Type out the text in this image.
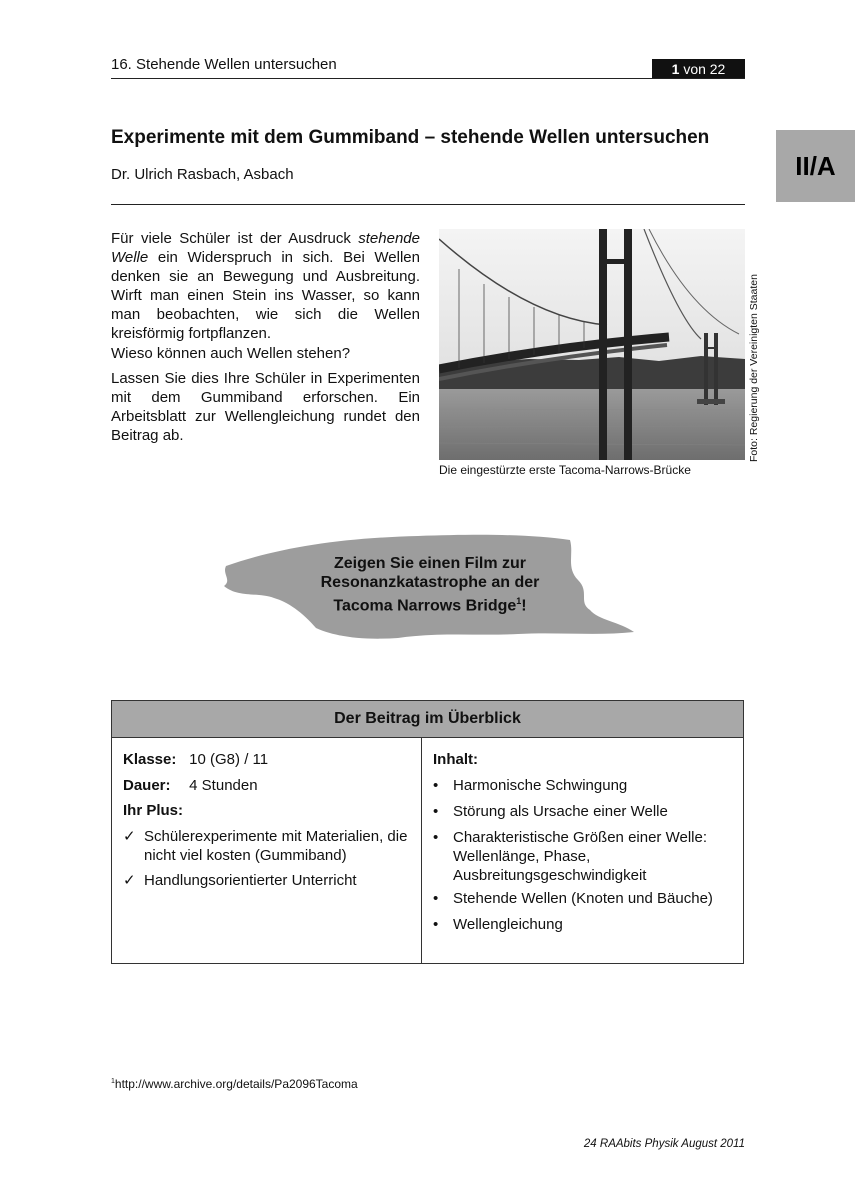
16. Stehende Wellen untersuchen	1 von 22
II/A
Experimente mit dem Gummiband – stehende Wellen untersuchen
Dr. Ulrich Rasbach, Asbach

Für viele Schüler ist der Ausdruck stehende Welle ein Widerspruch in sich. Bei Wellen denken sie an Bewegung und Ausbreitung. Wirft man einen Stein ins Wasser, so kann man beobachten, wie sich die Wellen kreisförmig fortpflanzen.

Wieso können auch Wellen stehen?

Lassen Sie dies Ihre Schüler in Experimenten mit dem Gummiband erforschen. Ein Arbeitsblatt zur Wellengleichung rundet den Beitrag ab.

Die eingestürzte erste Tacoma-Narrows-Brücke
Foto: Regierung der Vereinigten Staaten
Zeigen Sie einen Film zur Resonanzkatastrophe an der Tacoma Narrows Bridge$^1$!
Der Beitrag im Überblick
Klasse: 10 (G8) / 11
Dauer: 4 Stunden
Ihr Plus:
✓ Schülerexperimente mit Materialien, die nicht viel kosten (Gummiband)
✓ Handlungsorientierter Unterricht
Inhalt:
• Harmonische Schwingung
• Störung als Ursache einer Welle
• Charakteristische Größen einer Welle: Wellenlänge, Phase, Ausbreitungsgeschwindigkeit
• Stehende Wellen (Knoten und Bäuche)
• Wellengleichung
$^1$http://www.archive.org/details/Pa2096Tacoma
24 RAAbits Physik August 2011
